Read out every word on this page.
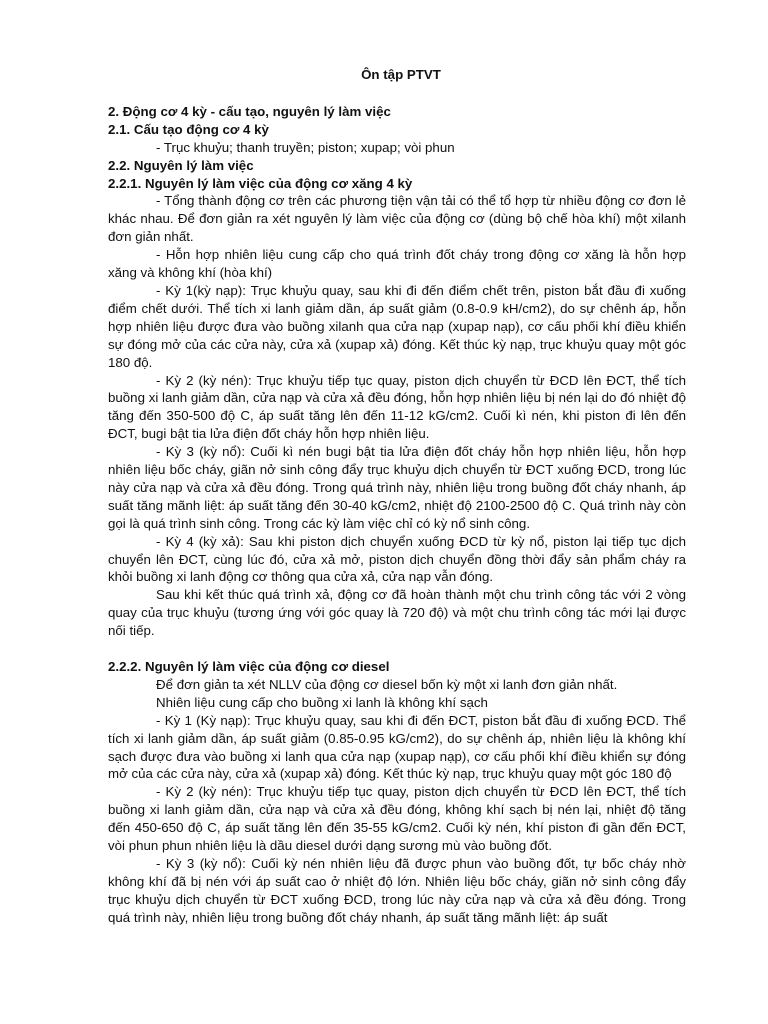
Ôn tập PTVT
2. Động cơ 4 kỳ - cấu tạo, nguyên lý làm việc
2.1. Cấu tạo động cơ 4 kỳ
- Trục khuỷu; thanh truyền; piston; xupap; vòi phun
2.2. Nguyên lý làm việc
2.2.1. Nguyên lý làm việc của động cơ xăng 4 kỳ
- Tổng thành động cơ trên các phương tiện vận tải có thể tổ hợp từ nhiều động cơ đơn lẻ khác nhau. Để đơn giản ra xét nguyên lý làm việc của động cơ (dùng bộ chế hòa khí) một xilanh đơn giản nhất.
- Hỗn hợp nhiên liệu cung cấp cho quá trình đốt cháy trong động cơ xăng là hỗn hợp xăng và không khí (hòa khí)
- Kỳ 1(kỳ nạp): Trục khuỷu quay, sau khi đi đến điểm chết trên, piston bắt đầu đi xuống điểm chết dưới. Thể tích xi lanh giảm dần, áp suất giảm (0.8-0.9 kH/cm2), do sự chênh áp, hỗn hợp nhiên liệu được đưa vào buồng xilanh qua cửa nạp (xupap nạp), cơ cấu phối khí điều khiển sự đóng mở của các cửa này, cửa xả (xupap xả) đóng. Kết thúc kỳ nạp, trục khuỷu quay một góc 180 độ.
- Kỳ 2 (kỳ nén): Trục khuỷu tiếp tục quay, piston dịch chuyển từ ĐCD lên ĐCT, thể tích buồng xi lanh giảm dần, cửa nạp và cửa xả đều đóng, hỗn hợp nhiên liệu bị nén lại do đó nhiệt độ tăng đến 350-500 độ C, áp suất tăng lên đến 11-12 kG/cm2. Cuối kì nén, khi piston đi lên đến ĐCT, bugi bật tia lửa điện đốt cháy hỗn hợp nhiên liệu.
- Kỳ 3 (kỳ nổ): Cuối kì nén bugi bật tia lửa điện đốt cháy hỗn hợp nhiên liệu, hỗn hợp nhiên liệu bốc cháy, giãn nở sinh công đẩy trục khuỷu dịch chuyển từ ĐCT xuống ĐCD, trong lúc này cửa nạp và cửa xả đều đóng. Trong quá trình này, nhiên liệu trong buồng đốt cháy nhanh, áp suất tăng mãnh liệt: áp suất tăng đến 30-40 kG/cm2, nhiệt độ 2100-2500 độ C. Quá trình này còn gọi là quá trình sinh công. Trong các kỳ làm việc chỉ có kỳ nổ sinh công.
- Kỳ 4 (kỳ xả): Sau khi piston dịch chuyển xuống ĐCD từ kỳ nổ, piston lại tiếp tục dịch chuyển lên ĐCT, cùng lúc đó, cửa xả mở, piston dịch chuyển đồng thời đẩy sản phẩm cháy ra khỏi buồng xi lanh động cơ thông qua cửa xả, cửa nạp vẫn đóng.
Sau khi kết thúc quá trình xả, động cơ đã hoàn thành một chu trình công tác với 2 vòng quay của trục khuỷu (tương ứng với góc quay là 720 độ) và một chu trình công tác mới lại được nối tiếp.
2.2.2. Nguyên lý làm việc của động cơ diesel
Để đơn giản ta xét NLLV của động cơ diesel bốn kỳ một xi lanh đơn giản nhất.
Nhiên liệu cung cấp cho buồng xi lanh là không khí sạch
- Kỳ 1 (Kỳ nạp): Trục khuỷu quay, sau khi đi đến ĐCT, piston bắt đầu đi xuống ĐCD. Thể tích xi lanh giảm dần, áp suất giảm (0.85-0.95 kG/cm2), do sự chênh áp, nhiên liệu là không khí sạch được đưa vào buồng xi lanh qua cửa nạp (xupap nạp), cơ cấu phối khí điều khiển sự đóng mở của các cửa này, cửa xả (xupap xả) đóng. Kết thúc kỳ nạp, trục khuỷu quay một góc 180 độ
- Kỳ 2 (kỳ nén): Trục khuỷu tiếp tục quay, piston dịch chuyển từ ĐCD lên ĐCT, thể tích buồng xi lanh giảm dần, cửa nạp và cửa xả đều đóng, không khí sạch bị nén lại, nhiệt độ tăng đến 450-650 độ C, áp suất tăng lên đến 35-55 kG/cm2. Cuối kỳ nén, khí piston đi gần đến ĐCT, vòi phun phun nhiên liệu là dầu diesel dưới dạng sương mù vào buồng đốt.
- Kỳ 3 (kỳ nổ): Cuối kỳ nén nhiên liệu đã được phun vào buồng đốt, tự bốc cháy nhờ không khí đã bị nén với áp suất cao ở nhiệt độ lớn. Nhiên liệu bốc cháy, giãn nở sinh công đẩy trục khuỷu dịch chuyển từ ĐCT xuống ĐCD, trong lúc này cửa nạp và cửa xả đều đóng. Trong quá trình này, nhiên liệu trong buồng đốt cháy nhanh, áp suất tăng mãnh liệt: áp suất
